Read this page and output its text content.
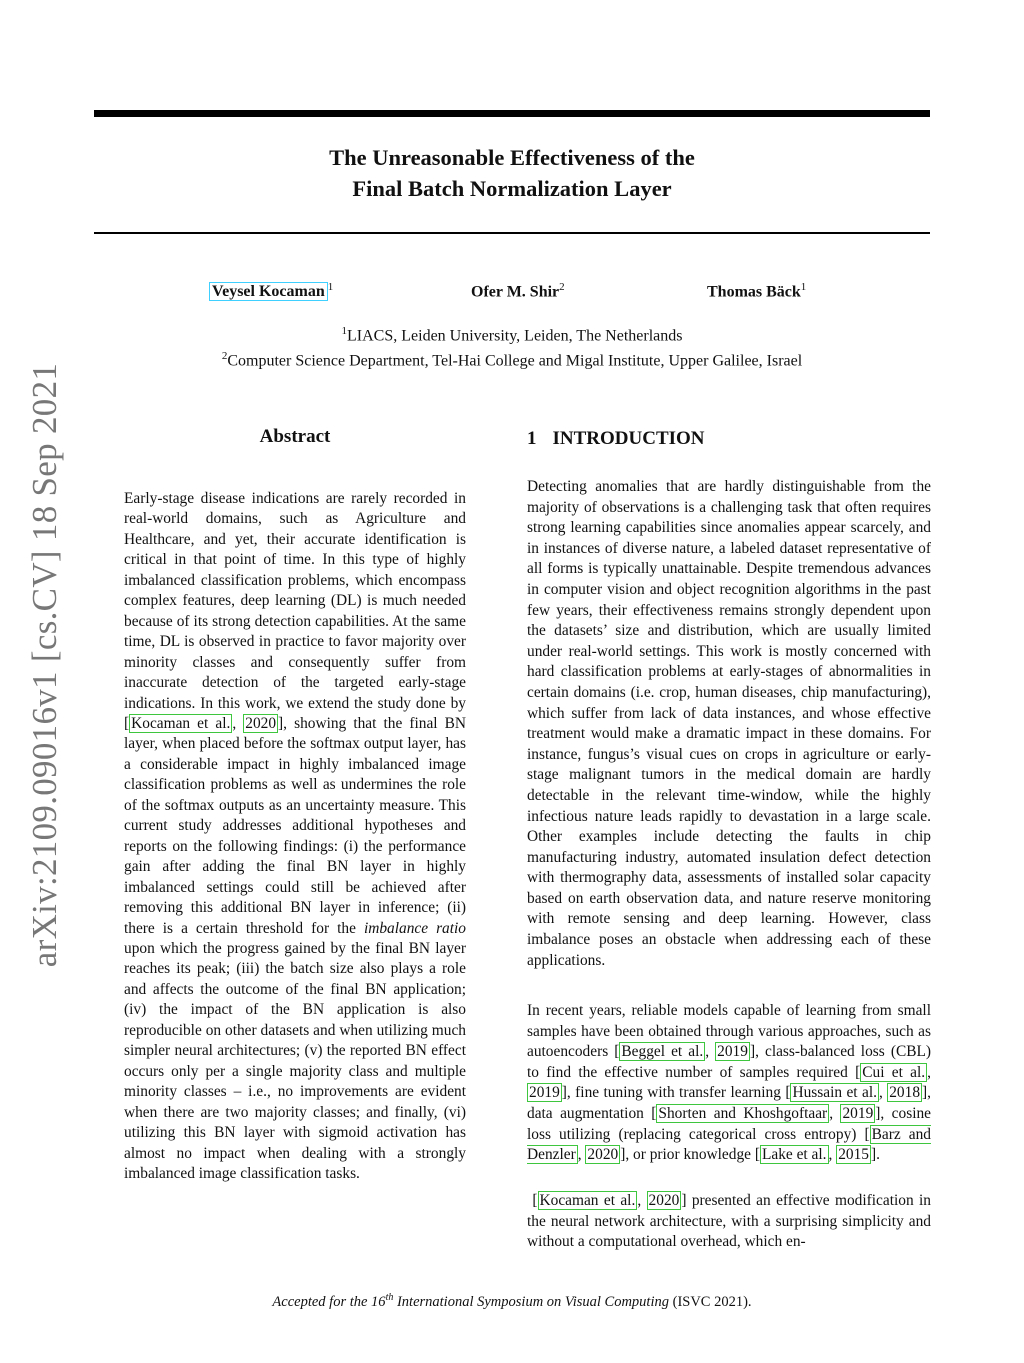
The Unreasonable Effectiveness of the
Final Batch Normalization Layer
Veysel Kocaman $^1$	Ofer M. Shir$^2$	Thomas Bäck$^1$
$^1$LIACS, Leiden University, Leiden, The Netherlands
$^2$Computer Science Department, Tel-Hai College and Migal Institute, Upper Galilee, Israel
arXiv:2109.09016v1 [cs.CV] 18 Sep 2021	Abstract
Early-stage disease indications are rarely recorded in real-world domains, such as Agriculture and Healthcare, and yet, their accurate identification is critical in that point of time. In this type of highly imbalanced classification problems, which encompass complex features, deep learning (DL) is much needed because of its strong detection capabilities. At the same time, DL is observed in practice to favor majority over minority classes and consequently suffer from inaccurate detection of the targeted early-stage indications. In this work, we extend the study done by [ Kocaman et al. , 2020 ], showing that the final BN layer, when placed before the softmax output layer, has a considerable impact in highly imbalanced image classification problems as well as undermines the role of the softmax outputs as an uncertainty measure. This current study addresses additional hypotheses and reports on the following findings: (i) the performance gain after adding the final BN layer in highly imbalanced settings could still be achieved after removing this additional BN layer in inference; (ii) there is a certain threshold for the imbalance ratio upon which the progress gained by the final BN layer reaches its peak; (iii) the batch size also plays a role and affects the outcome of the final BN application; (iv) the impact of the BN application is also reproducible on other datasets and when utilizing much simpler neural architectures; (v) the reported BN effect occurs only per a single majority class and multiple minority classes – i.e., no improvements are evident when there are two majority classes; and finally, (vi) utilizing this BN layer with sigmoid activation has almost no impact when dealing with a strongly imbalanced image classification tasks.
1 INTRODUCTION
Detecting anomalies that are hardly distinguishable from the majority of observations is a challenging task that often requires strong learning capabilities since anomalies appear scarcely, and in instances of diverse nature, a labeled dataset representative of all forms is typically unattainable. Despite tremendous advances in computer vision and object recognition algorithms in the past few years, their effectiveness remains strongly dependent upon the datasets’ size and distribution, which are usually limited under real-world settings. This work is mostly concerned with hard classification problems at early-stages of abnormalities in certain domains (i.e. crop, human diseases, chip manufacturing), which suffer from lack of data instances, and whose effective treatment would make a dramatic impact in these domains. For instance, fungus’s visual cues on crops in agriculture or early-stage malignant tumors in the medical domain are hardly detectable in the relevant time-window, while the highly infectious nature leads rapidly to devastation in a large scale. Other examples include detecting the faults in chip manufacturing industry, automated insulation defect detection with thermography data, assessments of installed solar capacity based on earth observation data, and nature reserve monitoring with remote sensing and deep learning. However, class imbalance poses an obstacle when addressing each of these applications.
In recent years, reliable models capable of learning from small samples have been obtained through various approaches, such as autoencoders [ Beggel et al. , 2019 ], class-balanced loss (CBL) to find the effective number of samples required [ Cui et al. , 2019 ], fine tuning with transfer learning [ Hussain et al. , 2018 ], data augmentation [ Shorten and Khoshgoftaar , 2019 ], cosine loss utilizing (replacing categorical cross entropy) [ Barz and Denzler , 2020 ], or prior knowledge [ Lake et al. , 2015 ].
[ Kocaman et al. , 2020 ] presented an effective modification in the neural network architecture, with a surprising simplicity and without a computational overhead, which en-
Accepted for the 16th International Symposium on Visual Computing (ISVC 2021).
